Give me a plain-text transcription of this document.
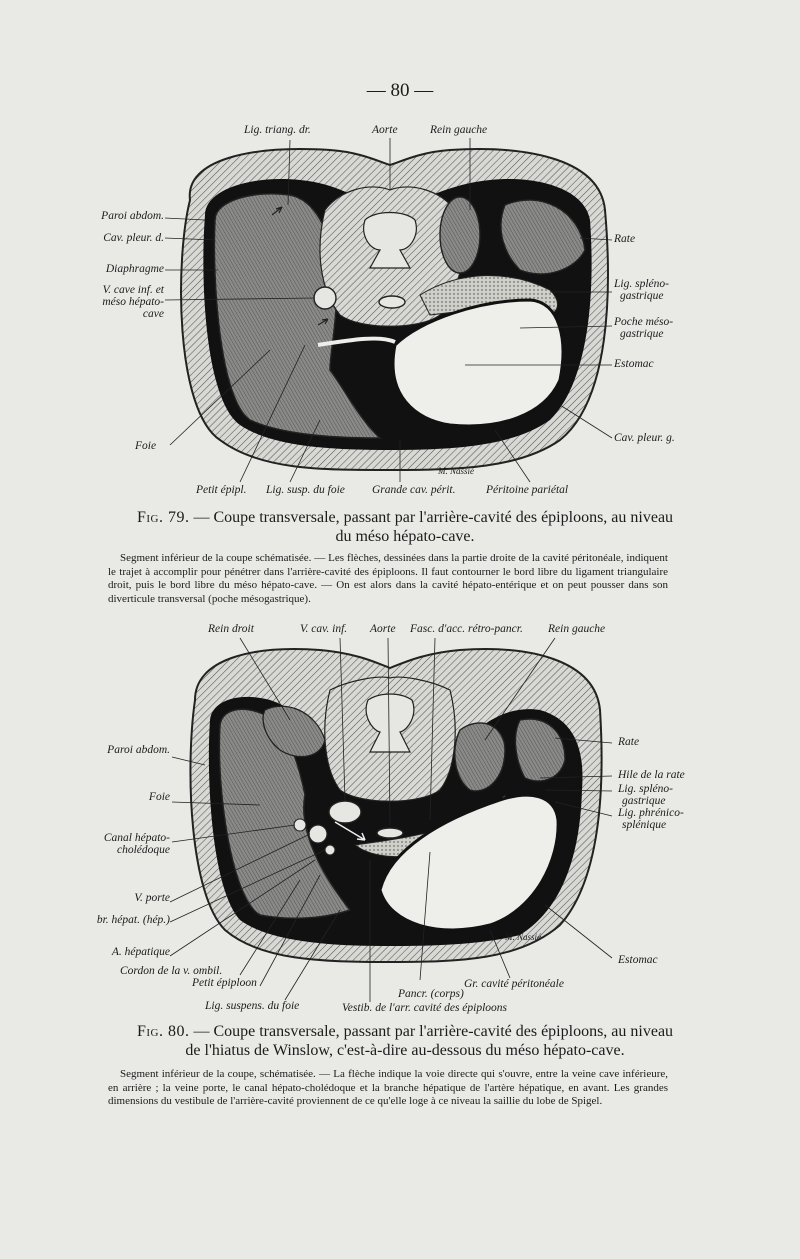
— 80 —
Lig. triang. dr.	Aorte	Rein gauche
Paroi abdom.
Cav. pleur. d.
Diaphragme
V. cave inf. et
méso hépato-
cave
Rate
Lig. spléno-
gastrique
Poche méso-
gastrique
Estomac
Foie
Cav. pleur. g.
M. Nassié
Petit épipl. Lig. susp. du foie Grande cav. périt.	Péritoine pariétal
Fig. 79. — Coupe transversale, passant par l'arrière-cavité des épiploons, au niveau
du méso hépato-cave.
Segment inférieur de la coupe schématisée. — Les flèches, dessinées dans la partie droite de la cavité péritonéale, indiquent le trajet à accomplir pour pénétrer dans l'arrière-cavité des épiploons. Il faut contourner le bord libre du ligament triangulaire droit, puis le bord libre du méso hépato-cave. — On est alors dans la cavité hépato-entérique et on peut pousser dans son diverticule transversal (poche mésogastrique).
Rein droit	V. cav. inf. Aorte Fasc. d'acc. rétro-pancr. Rein gauche
Paroi abdom.
Foie
Canal hépato-
cholédoque
V. porte
br. hépat. (hép.)
A. hépatique
Cordon de la v. ombil.
Petit épiploon
Lig. suspens. du foie
Rate
Hile de la rate
Lig. spléno-
gastrique
Lig. phrénico-
splénique
Estomac
M. Nassié
Gr. cavité péritonéale
Pancr. (corps)
Vestib. de l'arr. cavité des épiploons
Fig. 80. — Coupe transversale, passant par l'arrière-cavité des épiploons, au niveau
de l'hiatus de Winslow, c'est-à-dire au-dessous du méso hépato-cave.
Segment inférieur de la coupe, schématisée. — La flèche indique la voie directe qui s'ouvre, entre la veine cave inférieure, en arrière ; la veine porte, le canal hépato-cholédoque et la branche hépatique de l'artère hépatique, en avant. Les grandes dimensions du vestibule de l'arrière-cavité proviennent de ce qu'elle loge à ce niveau la saillie du lobe de Spigel.
